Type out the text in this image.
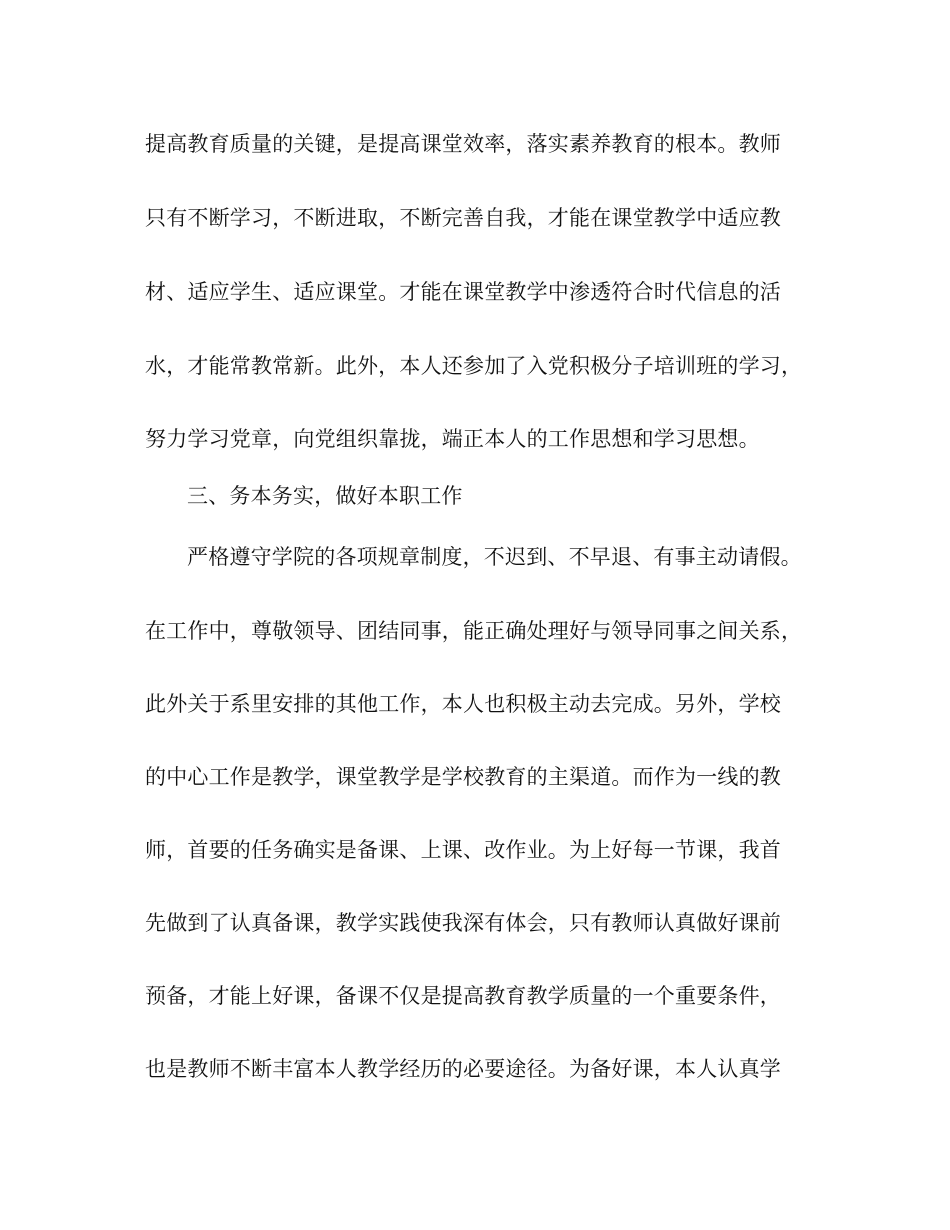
提高教育质量的关键，是提高课堂效率，落实素养教育的根本。教师
只有不断学习，不断进取，不断完善自我，才能在课堂教学中适应教
材、适应学生、适应课堂。才能在课堂教学中渗透符合时代信息的活
水，才能常教常新。此外，本人还参加了入党积极分子培训班的学习，
努力学习党章，向党组织靠拢，端正本人的工作思想和学习思想。
三、务本务实，做好本职工作
严格遵守学院的各项规章制度，不迟到、不早退、有事主动请假。
在工作中，尊敬领导、团结同事，能正确处理好与领导同事之间关系，
此外关于系里安排的其他工作，本人也积极主动去完成。另外，学校
的中心工作是教学，课堂教学是学校教育的主渠道。而作为一线的教
师，首要的任务确实是备课、上课、改作业。为上好每一节课，我首
先做到了认真备课，教学实践使我深有体会，只有教师认真做好课前
预备，才能上好课，备课不仅是提高教育教学质量的一个重要条件，
也是教师不断丰富本人教学经历的必要途径。为备好课，本人认真学
